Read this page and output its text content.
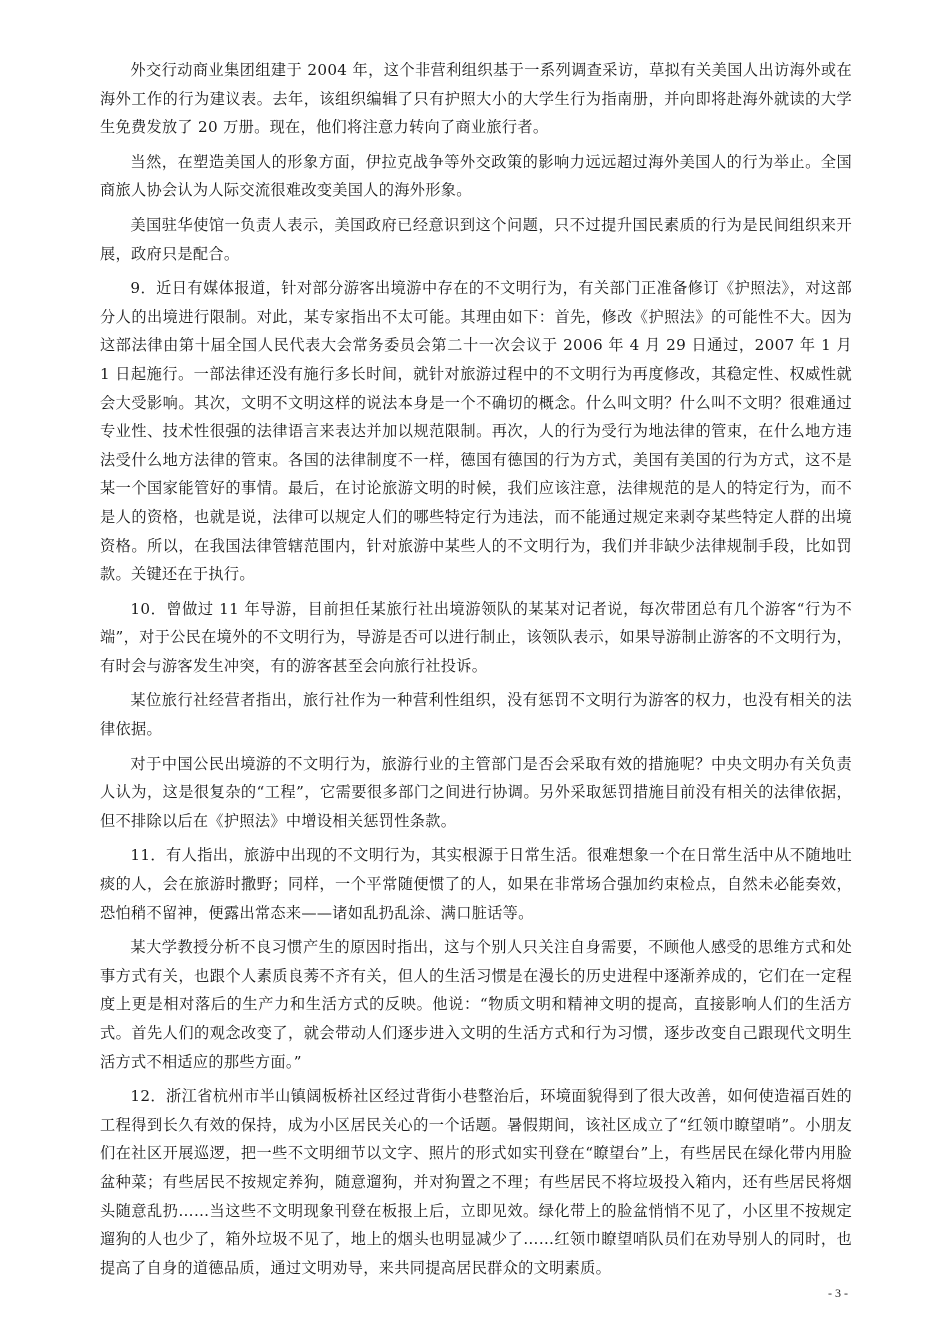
外交行动商业集团组建于 2004 年，这个非营利组织基于一系列调查采访，草拟有关美国人出访海外或在海外工作的行为建议表。去年，该组织编辑了只有护照大小的大学生行为指南册，并向即将赴海外就读的大学生免费发放了 20 万册。现在，他们将注意力转向了商业旅行者。

当然，在塑造美国人的形象方面，伊拉克战争等外交政策的影响力远远超过海外美国人的行为举止。全国商旅人协会认为人际交流很难改变美国人的海外形象。

美国驻华使馆一负责人表示，美国政府已经意识到这个问题，只不过提升国民素质的行为是民间组织来开展，政府只是配合。

9．近日有媒体报道，针对部分游客出境游中存在的不文明行为，有关部门正准备修订《护照法》，对这部分人的出境进行限制。对此，某专家指出不太可能。其理由如下：首先，修改《护照法》的可能性不大。因为这部法律由第十届全国人民代表大会常务委员会第二十一次会议于 2006 年 4 月 29 日通过，2007 年 1 月 1 日起施行。一部法律还没有施行多长时间，就针对旅游过程中的不文明行为再度修改，其稳定性、权威性就会大受影响。其次，文明不文明这样的说法本身是一个不确切的概念。什么叫文明？什么叫不文明？很难通过专业性、技术性很强的法律语言来表达并加以规范限制。再次，人的行为受行为地法律的管束，在什么地方违法受什么地方法律的管束。各国的法律制度不一样，德国有德国的行为方式，美国有美国的行为方式，这不是某一个国家能管好的事情。最后，在讨论旅游文明的时候，我们应该注意，法律规范的是人的特定行为，而不是人的资格，也就是说，法律可以规定人们的哪些特定行为违法，而不能通过规定来剥夺某些特定人群的出境资格。所以，在我国法律管辖范围内，针对旅游中某些人的不文明行为，我们并非缺少法律规制手段，比如罚款。关键还在于执行。

10．曾做过 11 年导游，目前担任某旅行社出境游领队的某某对记者说，每次带团总有几个游客“行为不端”，对于公民在境外的不文明行为，导游是否可以进行制止，该领队表示，如果导游制止游客的不文明行为，有时会与游客发生冲突，有的游客甚至会向旅行社投诉。

某位旅行社经营者指出，旅行社作为一种营利性组织，没有惩罚不文明行为游客的权力，也没有相关的法律依据。

对于中国公民出境游的不文明行为，旅游行业的主管部门是否会采取有效的措施呢？中央文明办有关负责人认为，这是很复杂的“工程”，它需要很多部门之间进行协调。另外采取惩罚措施目前没有相关的法律依据，但不排除以后在《护照法》中增设相关惩罚性条款。

11．有人指出，旅游中出现的不文明行为，其实根源于日常生活。很难想象一个在日常生活中从不随地吐痰的人，会在旅游时撒野；同样，一个平常随便惯了的人，如果在非常场合强加约束检点，自然未必能奏效，恐怕稍不留神，便露出常态来——诸如乱扔乱涂、满口脏话等。

某大学教授分析不良习惯产生的原因时指出，这与个别人只关注自身需要，不顾他人感受的思维方式和处事方式有关，也跟个人素质良莠不齐有关，但人的生活习惯是在漫长的历史进程中逐渐养成的，它们在一定程度上更是相对落后的生产力和生活方式的反映。他说：“物质文明和精神文明的提高，直接影响人们的生活方式。首先人们的观念改变了，就会带动人们逐步进入文明的生活方式和行为习惯，逐步改变自己跟现代文明生活方式不相适应的那些方面。”

12．浙江省杭州市半山镇阔板桥社区经过背街小巷整治后，环境面貌得到了很大改善，如何使造福百姓的工程得到长久有效的保持，成为小区居民关心的一个话题。暑假期间，该社区成立了“红领巾瞭望哨”。小朋友们在社区开展巡逻，把一些不文明细节以文字、照片的形式如实刊登在“瞭望台”上，有些居民在绿化带内用脸盆种菜；有些居民不按规定养狗，随意遛狗，并对狗置之不理；有些居民不将垃圾投入箱内，还有些居民将烟头随意乱扔……当这些不文明现象刊登在板报上后，立即见效。绿化带上的脸盆悄悄不见了，小区里不按规定遛狗的人也少了，箱外垃圾不见了，地上的烟头也明显减少了……红领巾瞭望哨队员们在劝导别人的同时，也提高了自身的道德品质，通过文明劝导，来共同提高居民群众的文明素质。

- 3 -
